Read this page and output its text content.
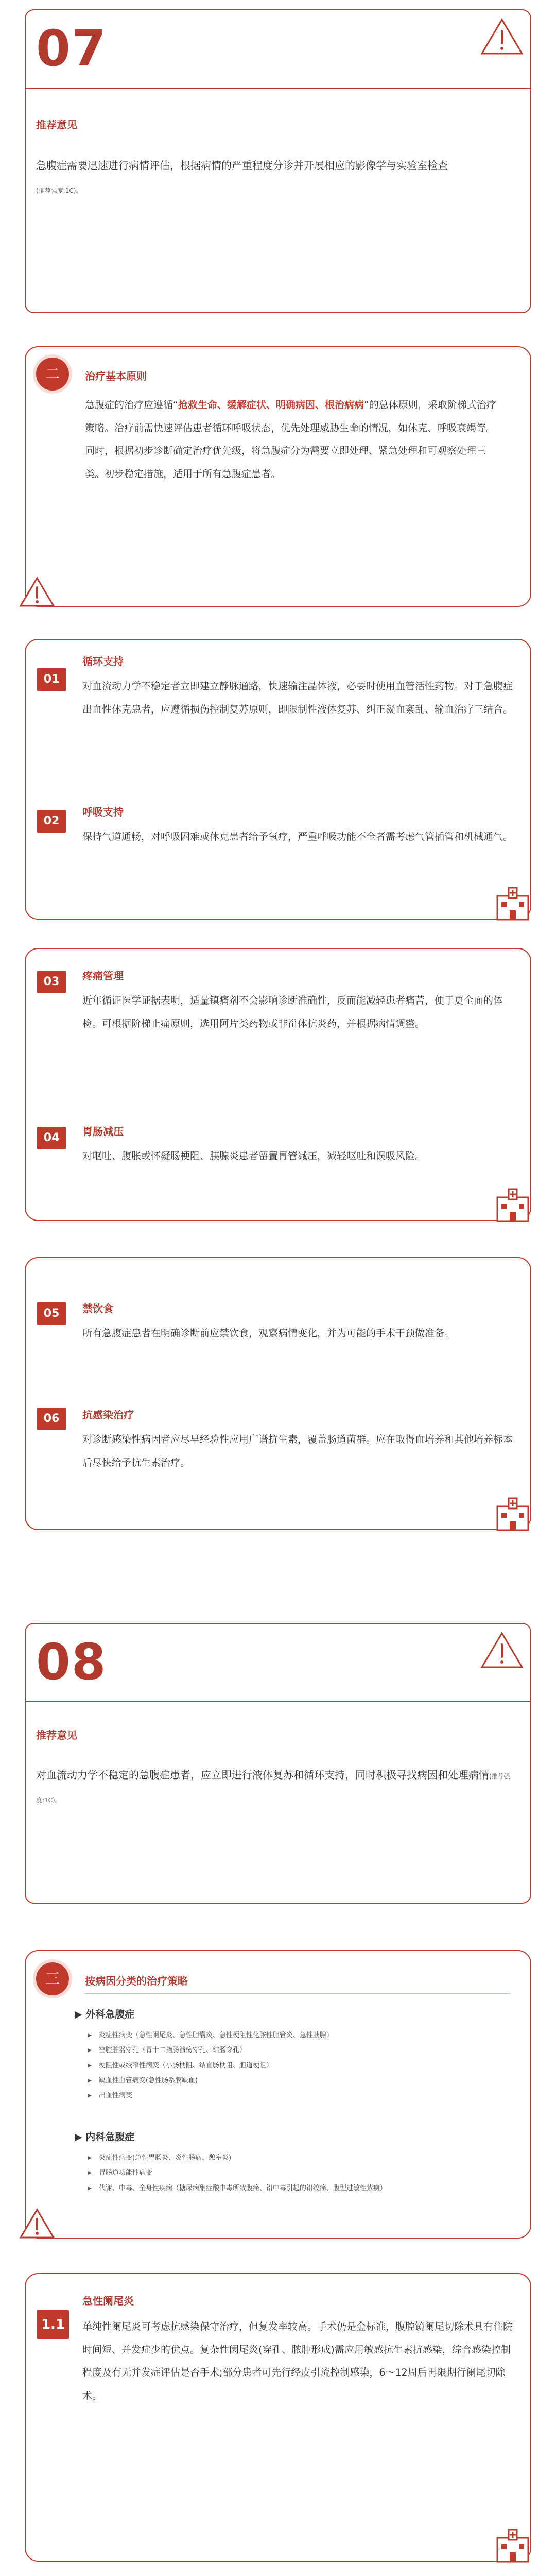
07
推荐意见
急腹症需要迅速进行病情评估，根据病情的严重程度分诊并开展相应的影像学与实验室检查
(推荐强度:1C)。
二	治疗基本原则
急腹症的治疗应遵循“抢救生命、缓解症状、明确病因、根治病病”的总体原则，采取阶梯式治疗策略。治疗前需快速评估患者循环呼吸状态，优先处理威胁生命的情况，如休克、呼吸衰竭等。同时，根据初步诊断确定治疗优先级，将急腹症分为需要立即处理、紧急处理和可观察处理三类。初步稳定措施，适用于所有急腹症患者。
01
循环支持
对血流动力学不稳定者立即建立静脉通路，快速输注晶体液，必要时使用血管活性药物。对于急腹症出血性休克患者，应遵循损伤控制复苏原则，即限制性液体复苏、纠正凝血紊乱、输血治疗三结合。
02
呼吸支持
保持气道通畅，对呼吸困难或休克患者给予氧疗，严重呼吸功能不全者需考虑气管插管和机械通气。
03	疼痛管理
近年循证医学证据表明，适量镇痛剂不会影响诊断准确性，反而能减轻患者痛苦，便于更全面的体检。可根据阶梯止痛原则，选用阿片类药物或非甾体抗炎药，并根据病情调整。
04	胃肠减压
对呕吐、腹胀或怀疑肠梗阻、胰腺炎患者留置胃管减压，减轻呕吐和误吸风险。
05	禁饮食
所有急腹症患者在明确诊断前应禁饮食，观察病情变化，并为可能的手术干预做准备。
06	抗感染治疗
对诊断感染性病因者应尽早经验性应用广谱抗生素，覆盖肠道菌群。应在取得血培养和其他培养标本后尽快给予抗生素治疗。
08
推荐意见
对血流动力学不稳定的急腹症患者，应立即进行液体复苏和循环支持，同时积极寻找病因和处理病情(推荐强度:1C)。
三	按病因分类的治疗策略
▶ 外科急腹症
▶ 炎症性病变（急性阑尾炎、急性胆囊炎、急性梗阻性化脓性胆管炎、急性胰腺）
▶ 空腔脏器穿孔（胃十二指肠溃疡穿孔、结肠穿孔）
▶ 梗阻性或绞窄性病变（小肠梗阻、结直肠梗阻、胆道梗阻）
▶ 缺血性血管病变(急性肠系膜缺血)
▶ 出血性病变
▶ 内科急腹症
▶ 炎症性病变(急性胃肠炎、炎性肠病、憩室炎)
▶ 胃肠道功能性病变
▶ 代谢、中毒、全身性疾病（糖尿病酮症酸中毒所致腹痛、铅中毒引起的铅绞痛、腹型过敏性紫癜）
1.1
急性阑尾炎
单纯性阑尾炎可考虑抗感染保守治疗，但复发率较高。手术仍是金标准，腹腔镜阑尾切除术具有住院时间短、并发症少的优点。复杂性阑尾炎(穿孔、脓肿形成)需应用敏感抗生素抗感染，综合感染控制程度及有无并发症评估是否手术;部分患者可先行经皮引流控制感染，6～12周后再限期行阑尾切除术。
